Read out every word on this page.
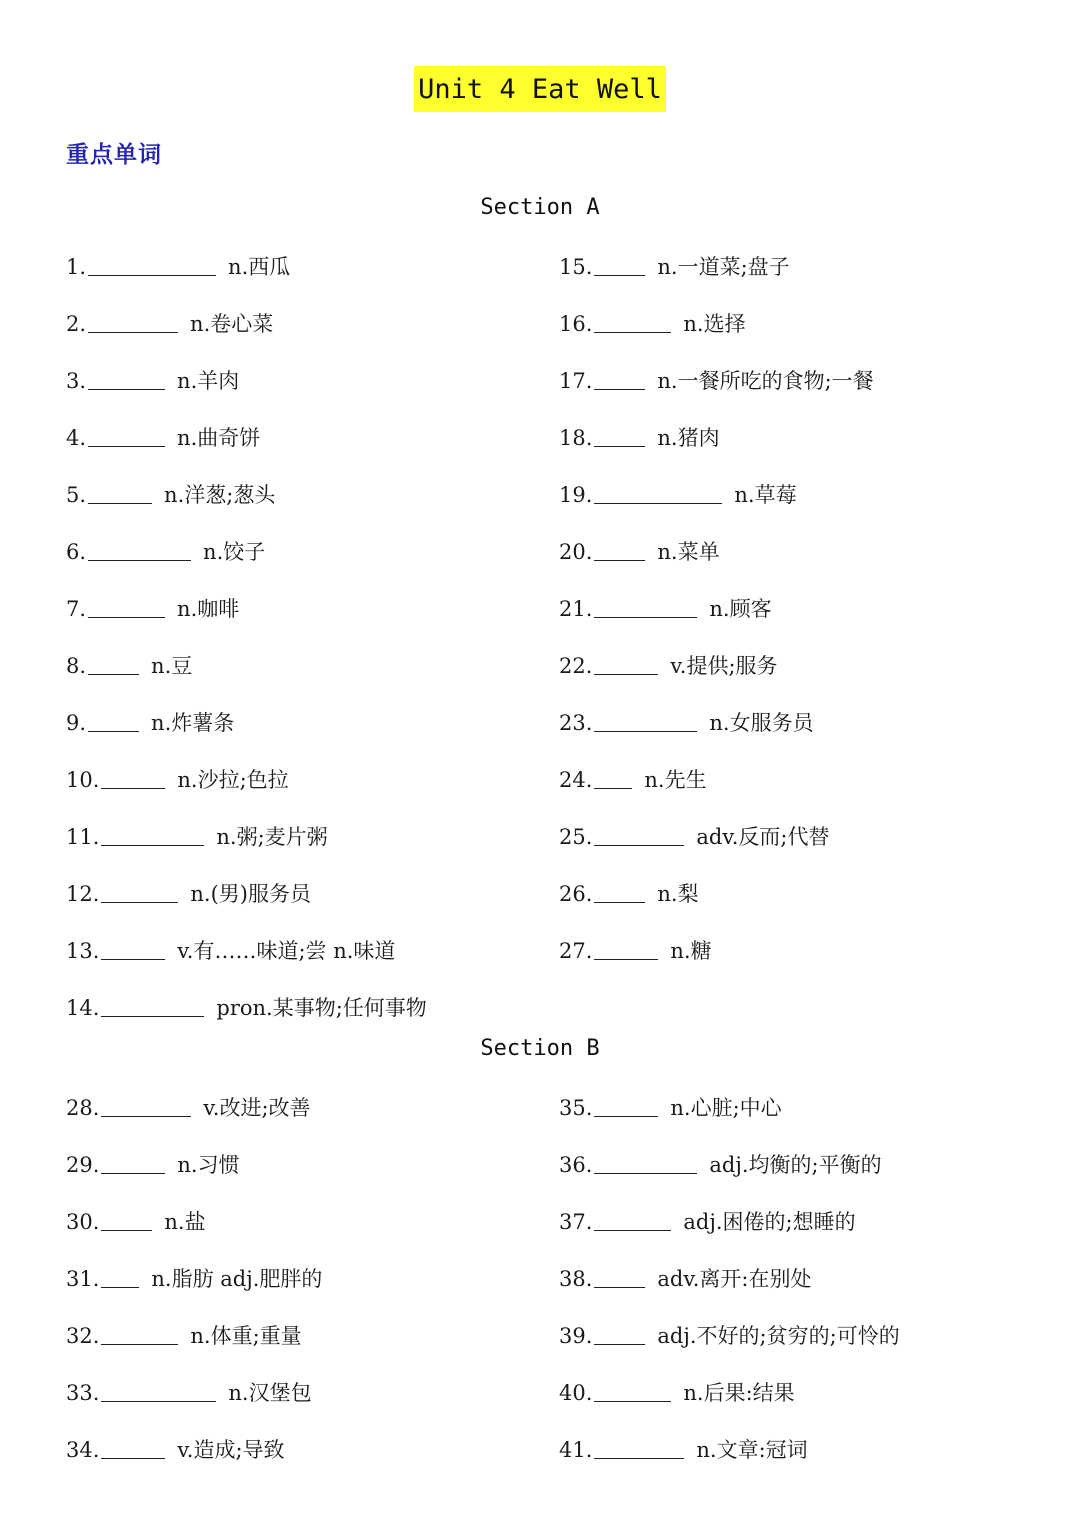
Unit 4 Eat Well
重点单词
Section A
Section B
1.	n.西瓜
2.	n.卷心菜
3.	n.羊肉
4.	n.曲奇饼
5.	n.洋葱;葱头
6.	n.饺子
7.	n.咖啡
8.	n.豆
9.	n.炸薯条
10.	n.沙拉;色拉
11.	n.粥;麦片粥
12.	n.(男)服务员
13.	v.有……味道;尝 n.味道
14.	pron.某事物;任何事物
15.	n.一道菜;盘子
16.	n.选择
17.	n.一餐所吃的食物;一餐
18.	n.猪肉
19.	n.草莓
20.	n.菜单
21.	n.顾客
22.	v.提供;服务
23.	n.女服务员
24. n.先生
25.	adv.反而;代替
26.	n.梨
27.	n.糖
28.	v.改进;改善
29.	n.习惯
30.	n.盐
31. n.脂肪 adj.肥胖的
32.	n.体重;重量
33.	n.汉堡包
34.	v.造成;导致
35.	n.心脏;中心
36.	adj.均衡的;平衡的
37.	adj.困倦的;想睡的
38.	adv.离开:在别处
39.	adj.不好的;贫穷的;可怜的
40.	n.后果:结果
41.	n.文章:冠词
